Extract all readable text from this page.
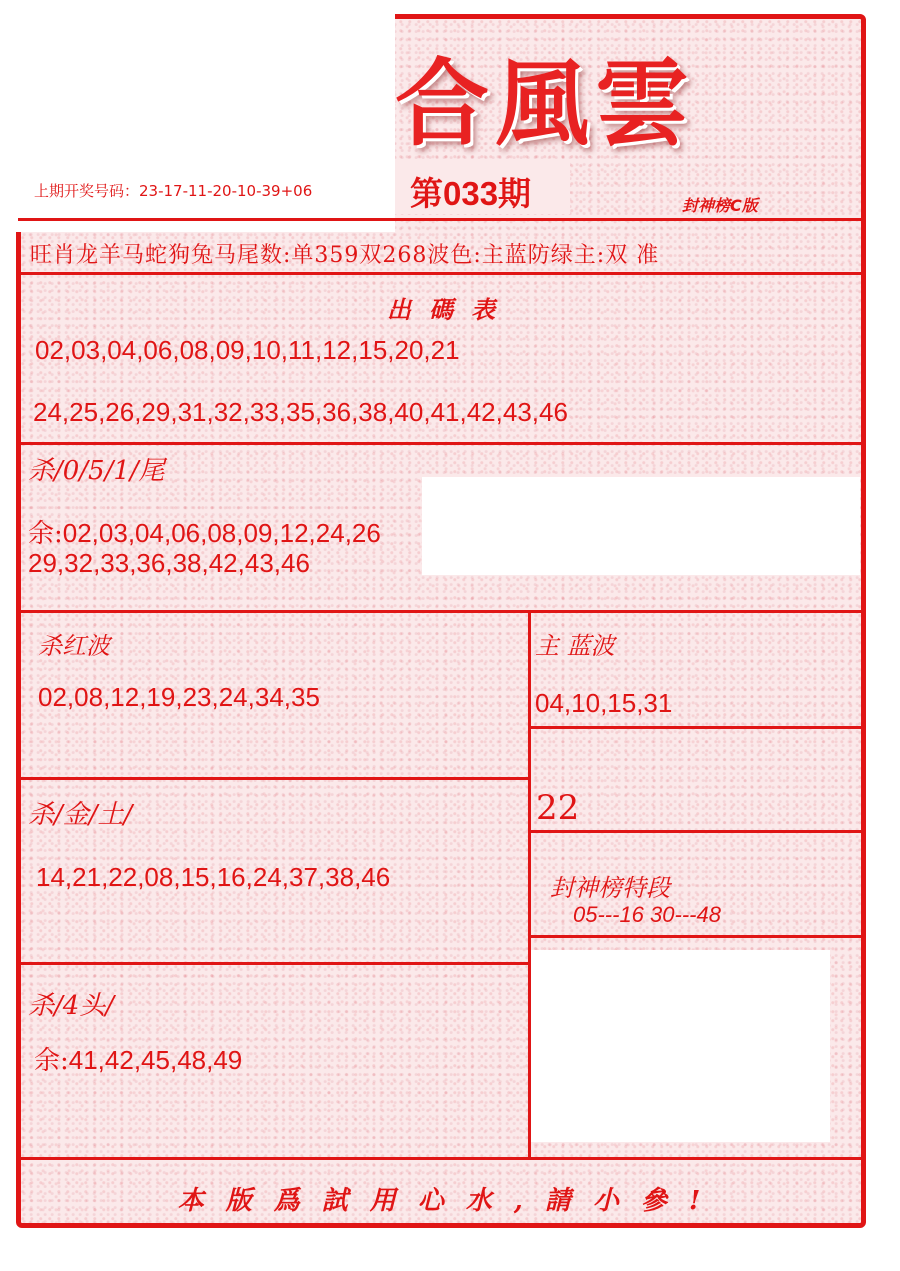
合風雲
上期开奖号码：23-17-11-20-10-39+06	第033期	封神榜C版
旺肖龙羊马蛇狗兔马尾数:单359双268波色:主蓝防绿主:双 准
出碼表
02,03,04,06,08,09,10,11,12,15,20,21
24,25,26,29,31,32,33,35,36,38,40,41,42,43,46
杀/0/5/1/尾
余:02,03,04,06,08,09,12,24,26
29,32,33,36,38,42,43,46
杀红波
02,08,12,19,23,24,34,35
主 蓝波
04,10,15,31
杀/金/土/
14,21,22,08,15,16,24,37,38,46
22
封神榜特段
05---16 30---48
杀/4头/
余:41,42,45,48,49
本版爲試用心水,請小參!
